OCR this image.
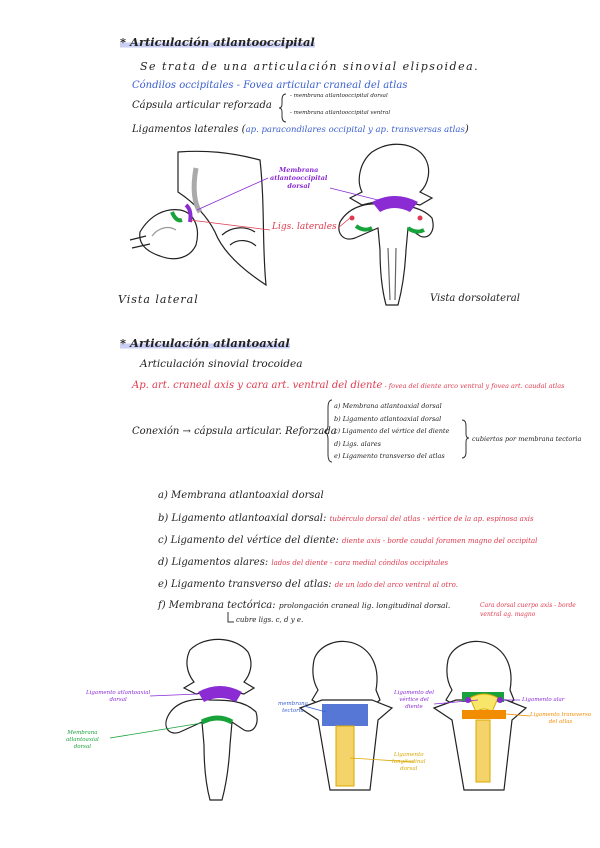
* Articulación atlantooccipital
Se trata de una articulación sinovial elipsoidea.
Cóndilos occipitales - Fovea articular craneal del atlas
Cápsula articular reforzada
- membrana atlantooccipital dorsal
- membrana atlantooccipital ventral
Ligamentos laterales (ap. paracondilares occipital y ap. transversas atlas)
Membrana
atlantooccipital
dorsal
Ligs. laterales
Vista lateral	Vista dorsolateral
* Articulación atlantoaxial
Articulación sinovial trocoidea
Ap. art. craneal axis y cara art. ventral del diente - fovea del diente arco ventral y fovea art. caudal atlas
Conexión → cápsula articular. Reforzada
a) Membrana atlantoaxial dorsal
b) Ligamento atlantoaxial dorsal
c) Ligamento del vértice del diente
d) Ligs. alares
e) Ligamento transverso del atlas
cubiertos por membrana tectoria
a) Membrana atlantoaxial dorsal
b) Ligamento atlantoaxial dorsal: tubérculo dorsal del atlas - vértice de la ap. espinosa axis
c) Ligamento del vértice del diente: diente axis - borde caudal foramen magno del occipital
d) Ligamentos alares: lados del diente - cara medial cóndilos occipitales
e) Ligamento transverso del atlas: de un lado del arco ventral al otro.
f) Membrana tectórica: prolongación craneal lig. longitudinal dorsal.	Cara dorsal cuerpo axis - borde ventral ag. magno
cubre ligs. c, d y e.
Ligamento atlantoaxial
dorsal
Membrana
atlantoaxial
dorsal
membrana
tectoria
Ligamento del
vértice del
diente
Ligamento alar
Ligamento transverso
del atlas
Ligamento
longitudinal
dorsal
